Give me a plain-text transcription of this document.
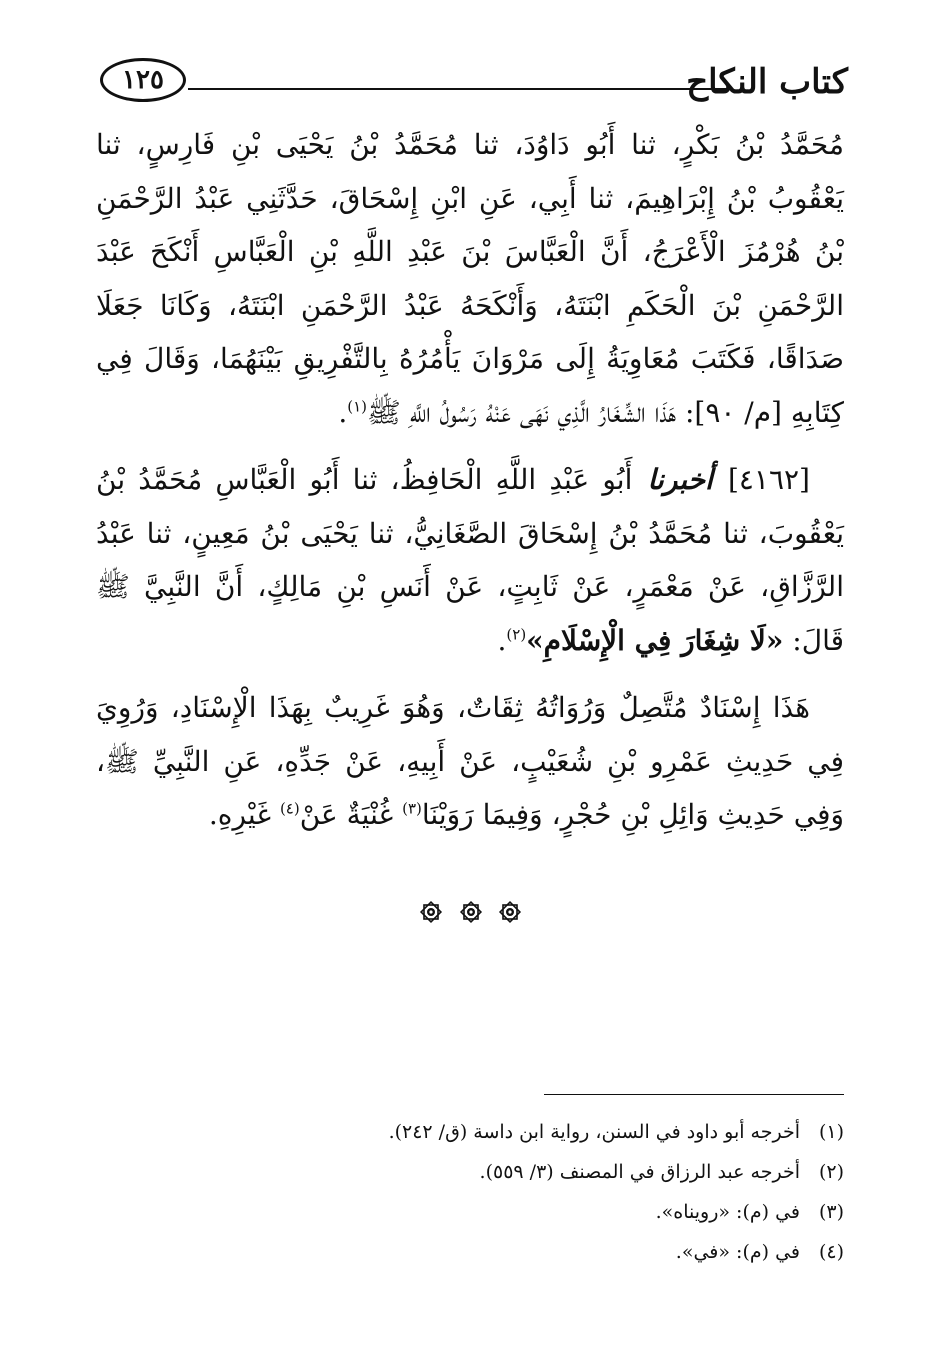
كتاب النكاح
١٢٥

مُحَمَّدُ بْنُ بَكْرٍ، ثنا أَبُو دَاوُدَ، ثنا مُحَمَّدُ بْنُ يَحْيَى بْنِ فَارِسٍ، ثنا يَعْقُوبُ بْنُ إِبْرَاهِيمَ، ثنا أَبِي، عَنِ ابْنِ إِسْحَاقَ، حَدَّثَنِي عَبْدُ الرَّحْمَنِ بْنُ هُرْمُزَ الْأَعْرَجُ، أَنَّ الْعَبَّاسَ بْنَ عَبْدِ اللَّهِ بْنِ الْعَبَّاسِ أَنْكَحَ عَبْدَ الرَّحْمَنِ بْنَ الْحَكَمِ ابْنَتَهُ، وَأَنْكَحَهُ عَبْدُ الرَّحْمَنِ ابْنَتَهُ، وَكَانَا جَعَلَا صَدَاقًا، فَكَتَبَ مُعَاوِيَةُ إِلَى مَرْوَانَ يَأْمُرُهُ بِالتَّفْرِيقِ بَيْنَهُمَا، وَقَالَ فِي كِتَابِهِ [م/ ٩٠]: هَذَا الشِّغَارُ الَّذِي نَهَى عَنْهُ رَسُولُ اللَّهِ ﷺ$^{(١)}$.

[٤١٦٢] أخبرنا أَبُو عَبْدِ اللَّهِ الْحَافِظُ، ثنا أَبُو الْعَبَّاسِ مُحَمَّدُ بْنُ يَعْقُوبَ، ثنا مُحَمَّدُ بْنُ إِسْحَاقَ الصَّغَانِيُّ، ثنا يَحْيَى بْنُ مَعِينٍ، ثنا عَبْدُ الرَّزَّاقِ، عَنْ مَعْمَرٍ، عَنْ ثَابِتٍ، عَنْ أَنَسِ بْنِ مَالِكٍ، أَنَّ النَّبِيَّ ﷺ قَالَ: «لَا شِغَارَ فِي الْإِسْلَامِ»$^{(٢)}$.

هَذَا إِسْنَادٌ مُتَّصِلٌ وَرُوَاتُهُ ثِقَاتٌ، وَهُوَ غَرِيبٌ بِهَذَا الْإِسْنَادِ، وَرُوِيَ فِي حَدِيثِ عَمْرِو بْنِ شُعَيْبٍ، عَنْ أَبِيهِ، عَنْ جَدِّهِ، عَنِ النَّبِيِّ ﷺ، وَفِي حَدِيثِ وَائِلِ بْنِ حُجْرٍ، وَفِيمَا رَوَيْنَا$^{(٣)}$ غُنْيَةٌ عَنْ$^{(٤)}$ غَيْرِهِ.

(١)أخرجه أبو داود في السنن، رواية ابن داسة (ق/ ٢٤٢).

(٢)أخرجه عبد الرزاق في المصنف (٣/ ٥٥٩).

(٣)في (م): «رويناه».

(٤)في (م): «في».
